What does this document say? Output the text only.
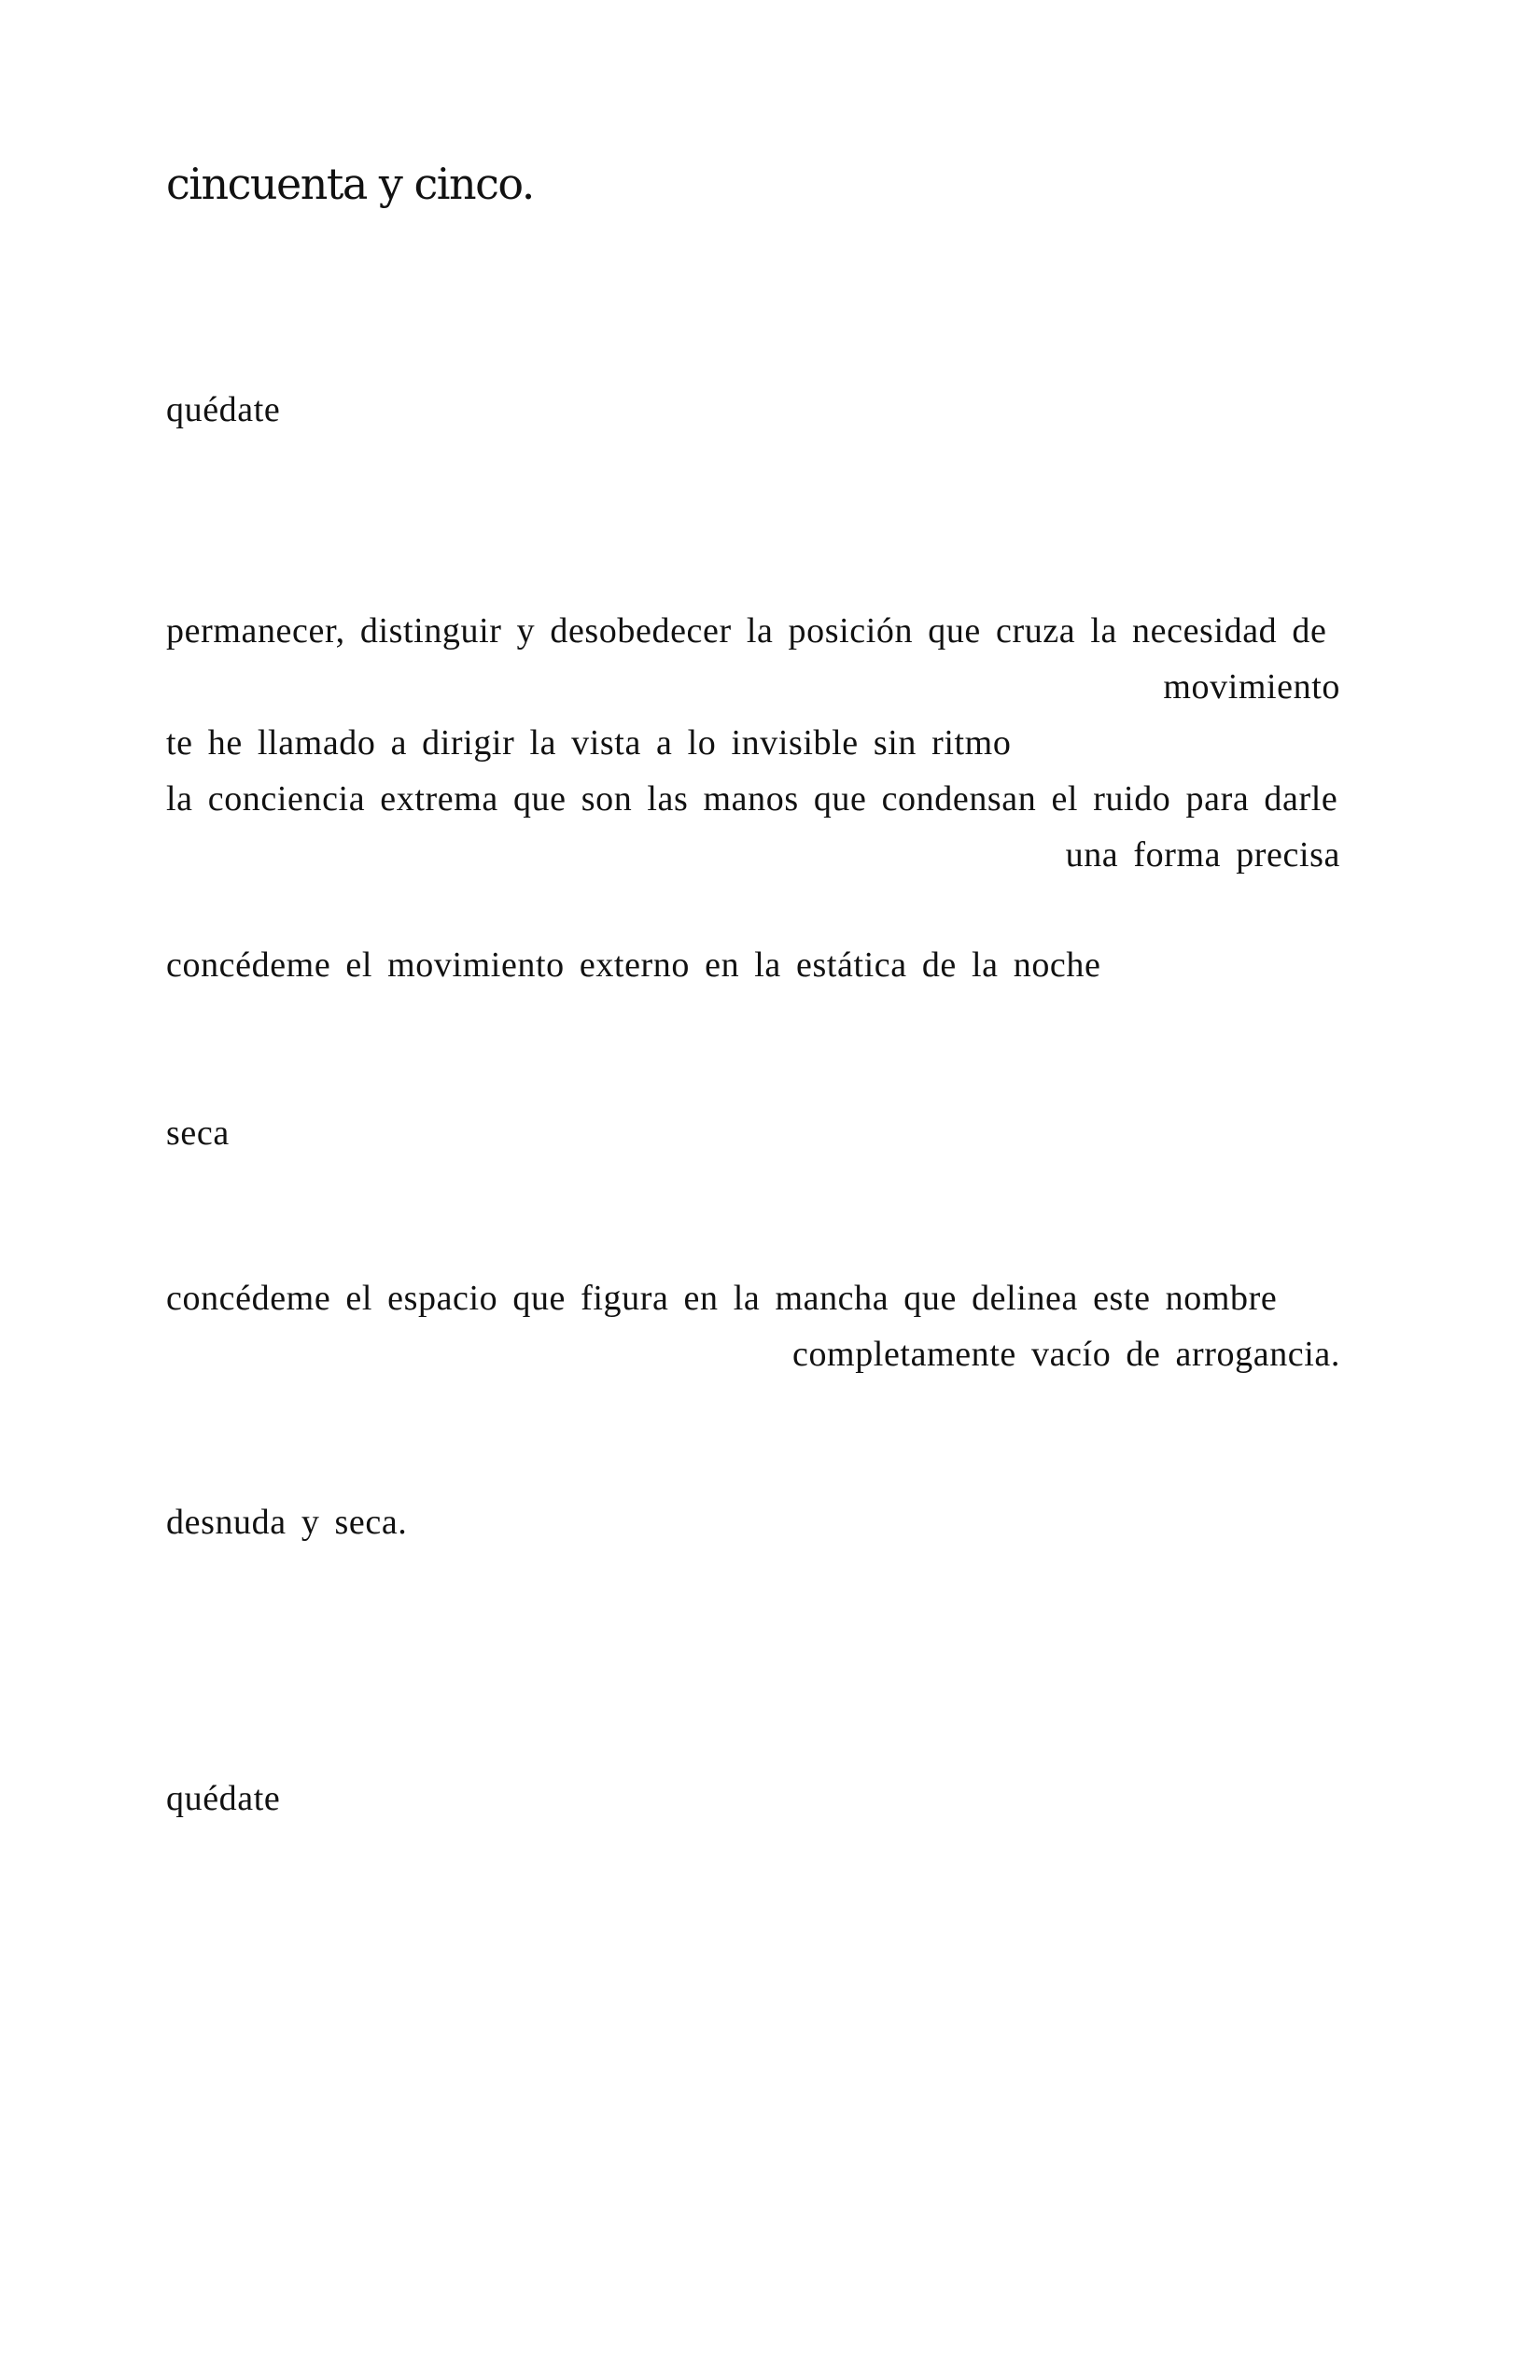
cincuenta y cinco.
quédate
permanecer, distinguir y desobedecer la posición que cruza la necesidad de
movimiento
te he llamado a dirigir la vista a lo invisible sin ritmo
la conciencia extrema que son las manos que condensan el ruido para darle
una forma precisa
concédeme el movimiento externo en la estática de la noche
seca
concédeme el espacio que figura en la mancha que delinea este nombre
completamente vacío de arrogancia.
desnuda y seca.
quédate
